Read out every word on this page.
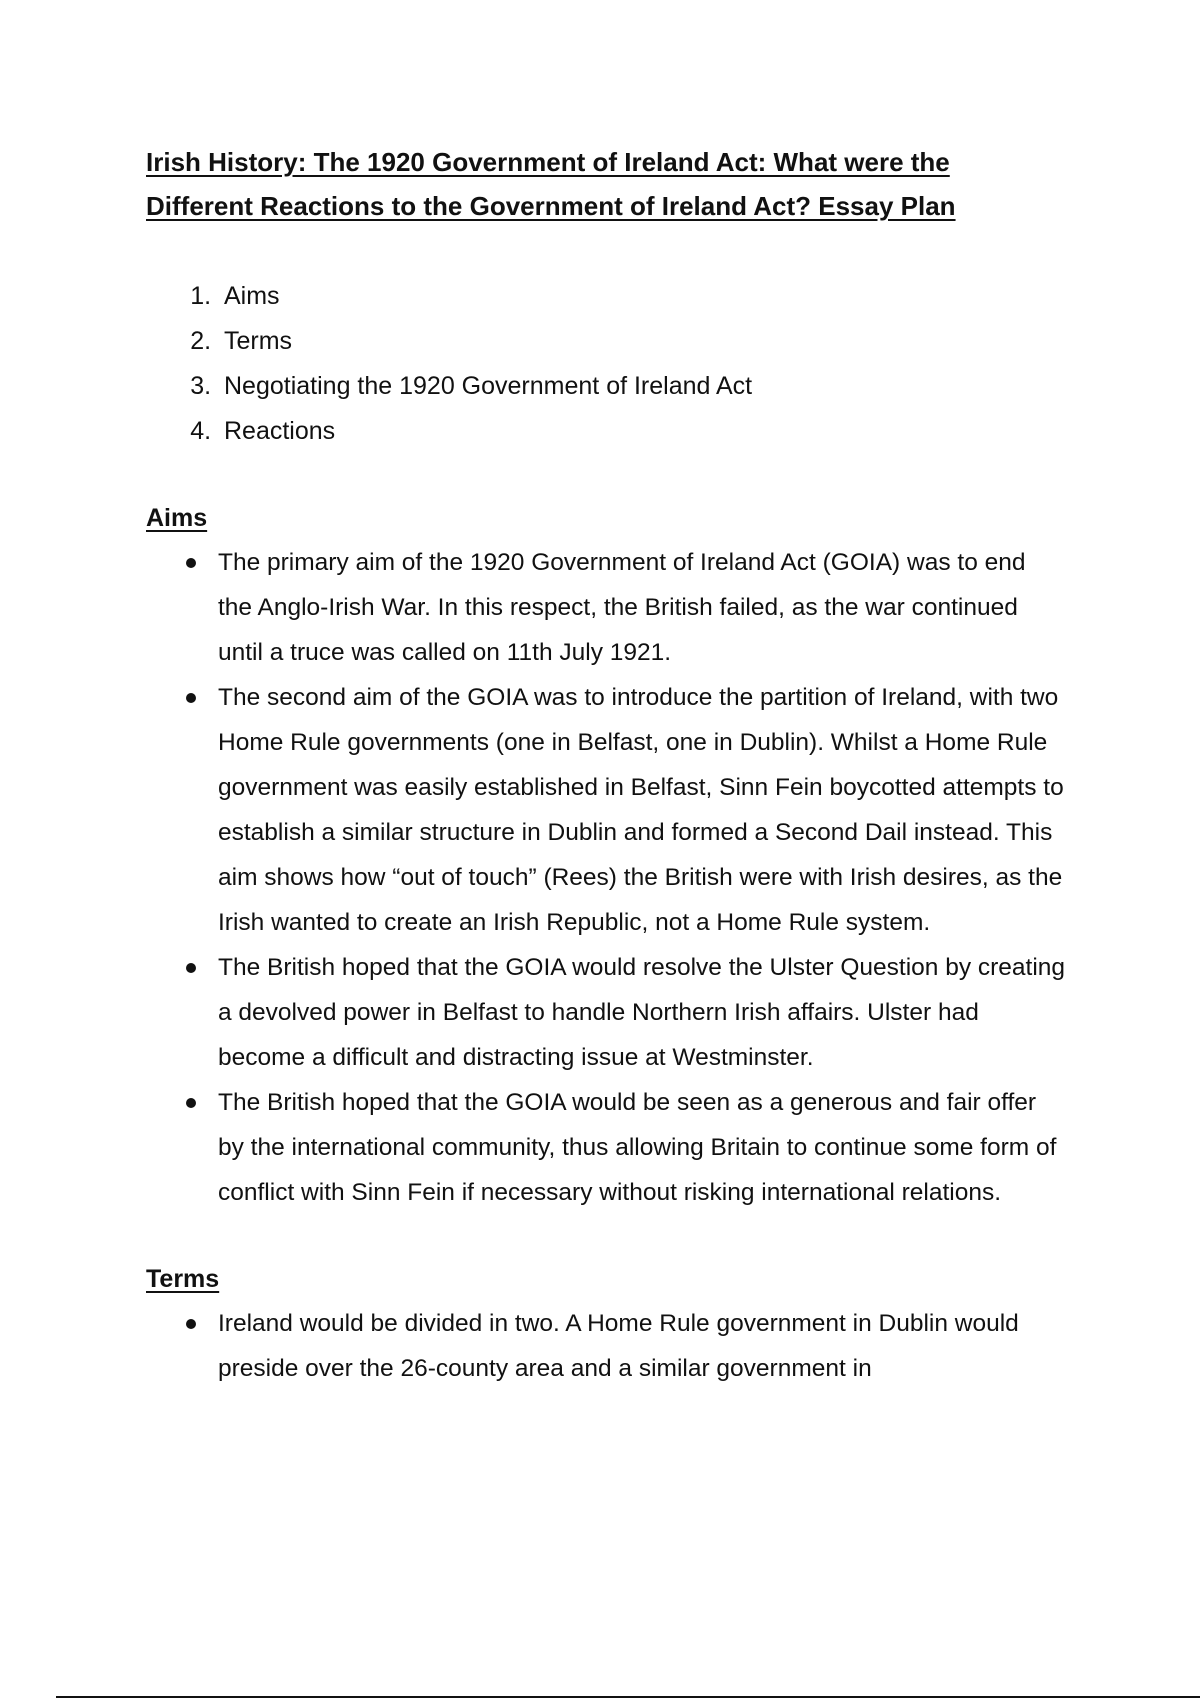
Irish History: The 1920 Government of Ireland Act: What were the
Different Reactions to the Government of Ireland Act? Essay Plan
1. Aims
2. Terms
3. Negotiating the 1920 Government of Ireland Act
4. Reactions
Aims
The primary aim of the 1920 Government of Ireland Act (GOIA) was to end the Anglo-Irish War. In this respect, the British failed, as the war continued until a truce was called on 11th July 1921.
The second aim of the GOIA was to introduce the partition of Ireland, with two Home Rule governments (one in Belfast, one in Dublin). Whilst a Home Rule government was easily established in Belfast, Sinn Fein boycotted attempts to establish a similar structure in Dublin and formed a Second Dail instead. This aim shows how “out of touch” (Rees) the British were with Irish desires, as the Irish wanted to create an Irish Republic, not a Home Rule system.
The British hoped that the GOIA would resolve the Ulster Question by creating a devolved power in Belfast to handle Northern Irish affairs. Ulster had become a difficult and distracting issue at Westminster.
The British hoped that the GOIA would be seen as a generous and fair offer by the international community, thus allowing Britain to continue some form of conflict with Sinn Fein if necessary without risking international relations.
Terms
Ireland would be divided in two. A Home Rule government in Dublin would preside over the 26-county area and a similar government in
